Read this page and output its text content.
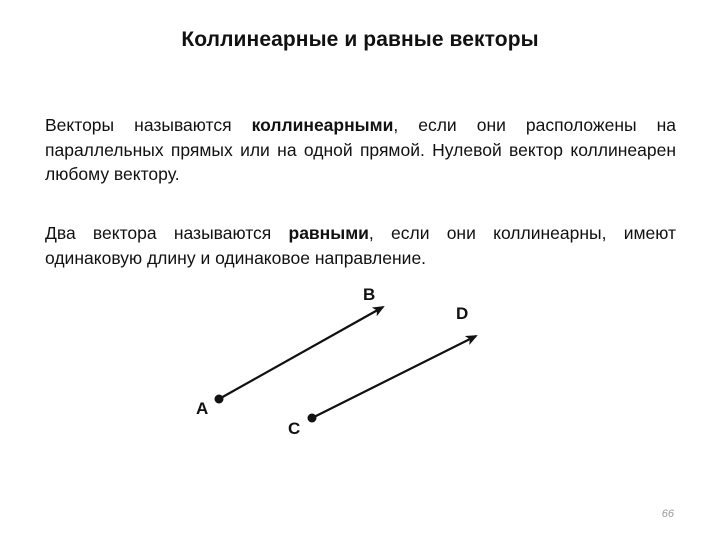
Коллинеарные и равные векторы

Векторы называются коллинеарными, если они расположены на параллельных прямых или на одной прямой. Нулевой вектор коллинеарен любому вектору.

Два вектора называются равными, если они коллинеарны, имеют одинаковую длину и одинаковое направление.

A
B
C
D
66
